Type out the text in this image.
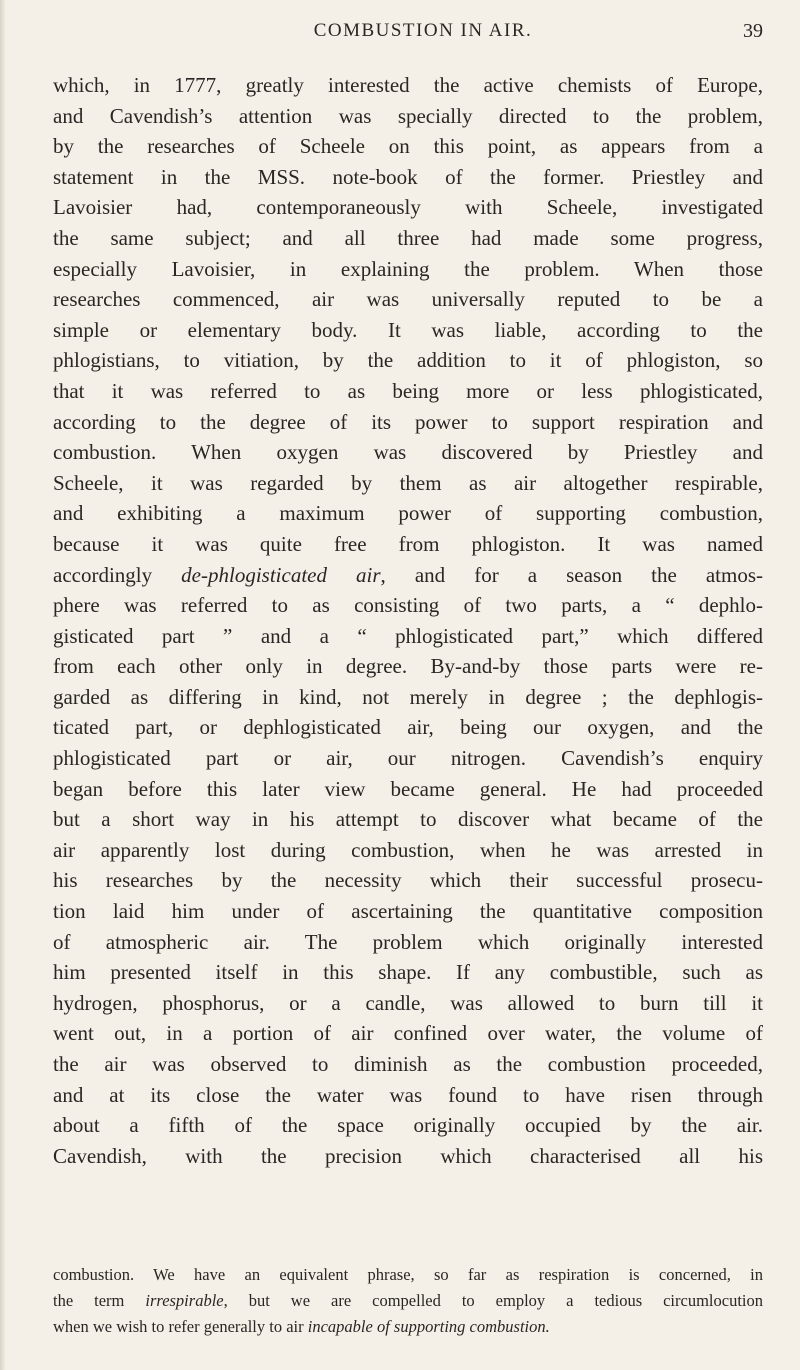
COMBUSTION IN AIR.	39
which, in 1777, greatly interested the active chemists of Europe,
and Cavendish’s attention was specially directed to the problem,
by the researches of Scheele on this point, as appears from a
statement in the MSS. note-book of the former. Priestley and
Lavoisier had, contemporaneously with Scheele, investigated
the same subject; and all three had made some progress,
especially Lavoisier, in explaining the problem. When those
researches commenced, air was universally reputed to be a
simple or elementary body. It was liable, according to the
phlogistians, to vitiation, by the addition to it of phlogiston, so
that it was referred to as being more or less phlogisticated,
according to the degree of its power to support respiration and
combustion. When oxygen was discovered by Priestley and
Scheele, it was regarded by them as air altogether respirable,
and exhibiting a maximum power of supporting combustion,
because it was quite free from phlogiston. It was named
accordingly de-phlogisticated air, and for a season the atmos-
phere was referred to as consisting of two parts, a “ dephlo-
gisticated part ” and a “ phlogisticated part,” which differed
from each other only in degree. By-and-by those parts were re-
garded as differing in kind, not merely in degree ; the dephlogis-
ticated part, or dephlogisticated air, being our oxygen, and the
phlogisticated part or air, our nitrogen. Cavendish’s enquiry
began before this later view became general. He had proceeded
but a short way in his attempt to discover what became of the
air apparently lost during combustion, when he was arrested in
his researches by the necessity which their successful prosecu-
tion laid him under of ascertaining the quantitative composition
of atmospheric air. The problem which originally interested
him presented itself in this shape. If any combustible, such as
hydrogen, phosphorus, or a candle, was allowed to burn till it
went out, in a portion of air confined over water, the volume of
the air was observed to diminish as the combustion proceeded,
and at its close the water was found to have risen through
about a fifth of the space originally occupied by the air.
Cavendish, with the precision which characterised all his
combustion. We have an equivalent phrase, so far as respiration is concerned, in
the term irrespirable, but we are compelled to employ a tedious circumlocution
when we wish to refer generally to air incapable of supporting combustion.
